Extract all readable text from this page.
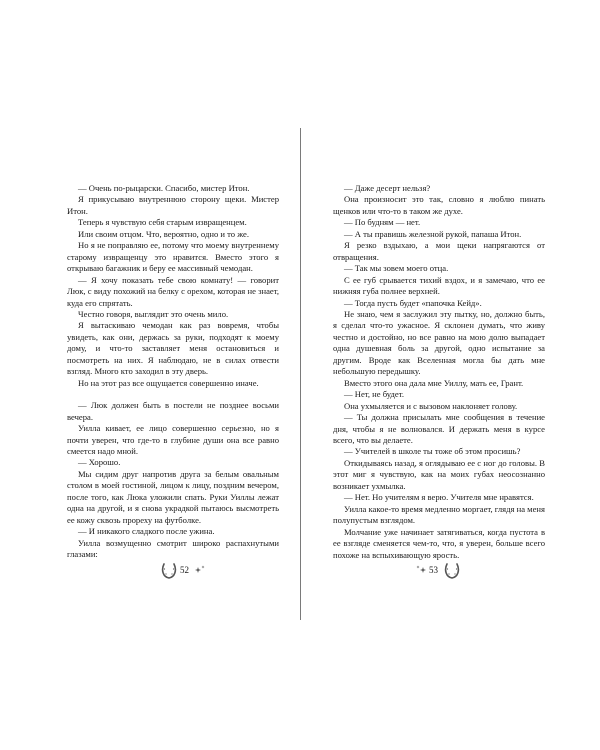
— Очень по-рыцарски. Спасибо, мистер Итон.

Я прикусываю внутреннюю сторону щеки. Мистер Итон.

Теперь я чувствую себя старым извращенцем.

Или своим отцом. Что, вероятно, одно и то же.

Но я не поправляю ее, потому что моему внутреннему старому извращенцу это нравится. Вместо этого я открываю багажник и беру ее массивный чемодан.

— Я хочу показать тебе свою комнату! — говорит Люк, с виду похожий на белку с орехом, которая не знает, куда его спрятать.

Честно говоря, выглядит это очень мило.

Я вытаскиваю чемодан как раз вовремя, чтобы увидеть, как они, держась за руки, подходят к моему дому, и что-то заставляет меня остановиться и посмотреть на них. Я наблюдаю, не в силах отвести взгляд. Много кто заходил в эту дверь.

Но на этот раз все ощущается совершенно иначе.

— Люк должен быть в постели не позднее восьми вечера.

Уилла кивает, ее лицо совершенно серьезно, но я почти уверен, что где-то в глубине души она все равно смеется надо мной.

— Хорошо.

Мы сидим друг напротив друга за белым овальным столом в моей гостиной, лицом к лицу, поздним вечером, после того, как Люка уложили спать. Руки Уиллы лежат одна на другой, и я снова украдкой пытаюсь высмотреть ее кожу сквозь прореху на футболке.

— И никакого сладкого после ужина.

Уилла возмущенно смотрит широко распахнутыми глазами:

— Даже десерт нельзя?

Она произносит это так, словно я люблю пинать щенков или что-то в таком же духе.

— По будням — нет.

— А ты правишь железной рукой, папаша Итон.

Я резко вздыхаю, а мои щеки напрягаются от отвращения.

— Так мы зовем моего отца.

С ее губ срывается тихий вздох, и я замечаю, что ее нижняя губа полнее верхней.

— Тогда пусть будет «папочка Кейд».

Не знаю, чем я заслужил эту пытку, но, должно быть, я сделал что-то ужасное. Я склонен думать, что живу честно и достойно, но все равно на мою долю выпадает одна душевная боль за другой, одно испытание за другим. Вроде как Вселенная могла бы дать мне небольшую передышку.

Вместо этого она дала мне Уиллу, мать ее, Грант.

— Нет, не будет.

Она ухмыляется и с вызовом наклоняет голову.

— Ты должна присылать мне сообщения в течение дня, чтобы я не волновался. И держать меня в курсе всего, что вы делаете.

— Учителей в школе ты тоже об этом просишь?

Откидываясь назад, я оглядываю ее с ног до головы. В этот миг я чувствую, как на моих губах неосознанно возникает ухмылка.

— Нет. Но учителям я верю. Учителя мне нравятся.

Уилла какое-то время медленно моргает, глядя на меня полупустым взглядом.

Молчание уже начинает затягиваться, когда пустота в ее взгляде сменяется чем-то, что, я уверен, больше всего похоже на вспыхивающую ярость.

52	53
